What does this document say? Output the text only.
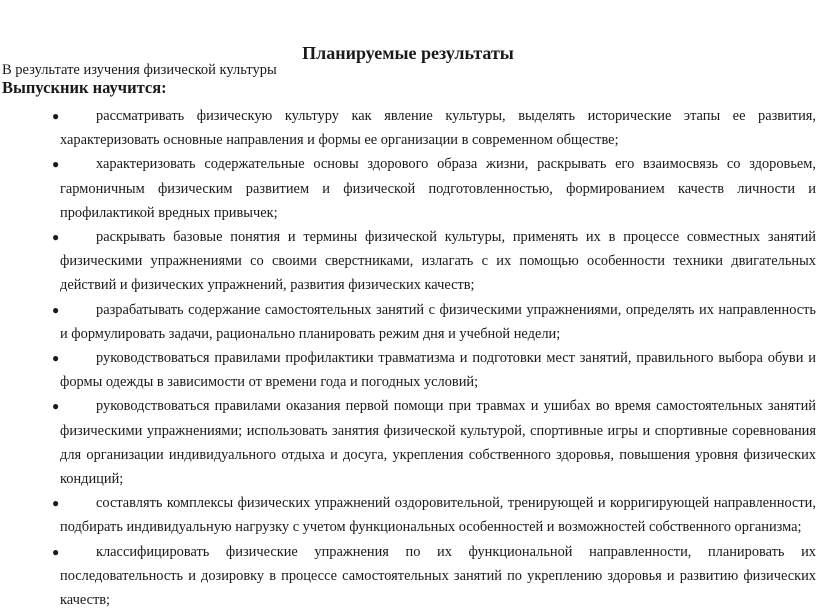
Планируемые результаты
В результате изучения физической культуры
Выпускник научится:
●	рассматривать физическую культуру как явление культуры, выделять исторические этапы ее развития, характеризовать основные направления и формы ее организации в современном обществе;
●	характеризовать содержательные основы здорового образа жизни, раскрывать его взаимосвязь со здоровьем, гармоничным физическим развитием и физической подготовленностью, формированием качеств личности и профилактикой вредных привычек;
●	раскрывать базовые понятия и термины физической культуры, применять их в процессе совместных занятий физическими упражнениями со своими сверстниками, излагать с их помощью особенности техники двигательных действий и физических упражнений, развития физических качеств;
●	разрабатывать содержание самостоятельных занятий с физическими упражнениями, определять их направленность и формулировать задачи, рационально планировать режим дня и учебной недели;
●	руководствоваться правилами профилактики травматизма и подготовки мест занятий, правильного выбора обуви и формы одежды в зависимости от времени года и погодных условий;
●	руководствоваться правилами оказания первой помощи при травмах и ушибах во время самостоятельных занятий физическими упражнениями; использовать занятия физической культурой, спортивные игры и спортивные соревнования для организации индивидуального отдыха и досуга, укрепления собственного здоровья, повышения уровня физических кондиций;
●	составлять комплексы физических упражнений оздоровительной, тренирующей и корригирующей направленности, подбирать индивидуальную нагрузку с учетом функциональных особенностей и возможностей собственного организма;
●	классифицировать физические упражнения по их функциональной направленности, планировать их последовательность и дозировку в процессе самостоятельных занятий по укреплению здоровья и развитию физических качеств;
